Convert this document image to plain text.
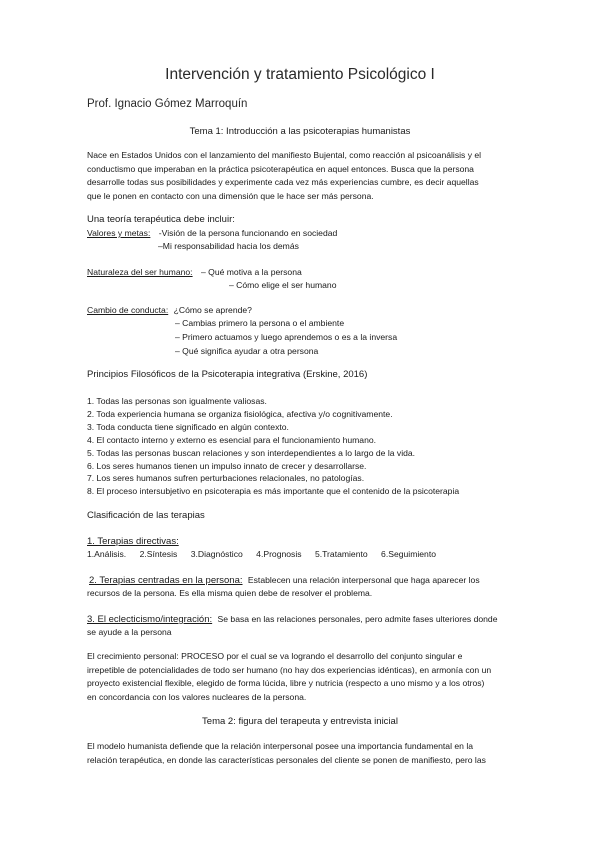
Intervención y tratamiento Psicológico I
Prof. Ignacio Gómez Marroquín
Tema 1: Introducción a las psicoterapias humanistas
Nace en Estados Unidos con el lanzamiento del manifiesto Bujental, como reacción al psicoanálisis y el
conductismo que imperaban en la práctica psicoterapéutica en aquel entonces. Busca que la persona
desarrolle todas sus posibilidades y experimente cada vez más experiencias cumbre, es decir aquellas
que le ponen en contacto con una dimensión que le hace ser más persona.
Una teoría terapéutica debe incluir:
Valores y metas: -Visión de la persona funcionando en sociedad
–Mi responsabilidad hacia los demás
Naturaleza del ser humano: – Qué motiva a la persona
– Cómo elige el ser humano
Cambio de conducta: ¿Cómo se aprende?
– Cambias primero la persona o el ambiente
– Primero actuamos y luego aprendemos o es a la inversa
– Qué significa ayudar a otra persona
Principios Filosóficos de la Psicoterapia integrativa (Erskine, 2016)
1. Todas las personas son igualmente valiosas.
2. Toda experiencia humana se organiza fisiológica, afectiva y/o cognitivamente.
3. Toda conducta tiene significado en algún contexto.
4. El contacto interno y externo es esencial para el funcionamiento humano.
5. Todas las personas buscan relaciones y son interdependientes a lo largo de la vida.
6. Los seres humanos tienen un impulso innato de crecer y desarrollarse.
7. Los seres humanos sufren perturbaciones relacionales, no patologías.
8. El proceso intersubjetivo en psicoterapia es más importante que el contenido de la psicoterapia
Clasificación de las terapias
1. Terapias directivas:
1.Análisis. 2.Síntesis 3.Diagnóstico 4.Prognosis 5.Tratamiento 6.Seguimiento
2. Terapias centradas en la persona: Establecen una relación interpersonal que haga aparecer los
recursos de la persona. Es ella misma quien debe de resolver el problema.
3. El eclecticismo/integración: Se basa en las relaciones personales, pero admite fases ulteriores donde
se ayude a la persona
El crecimiento personal: PROCESO por el cual se va logrando el desarrollo del conjunto singular e
irrepetible de potencialidades de todo ser humano (no hay dos experiencias idénticas), en armonía con un
proyecto existencial flexible, elegido de forma lúcida, libre y nutricia (respecto a uno mismo y a los otros)
en concordancia con los valores nucleares de la persona.
Tema 2: figura del terapeuta y entrevista inicial
El modelo humanista defiende que la relación interpersonal posee una importancia fundamental en la
relación terapéutica, en donde las características personales del cliente se ponen de manifiesto, pero las
